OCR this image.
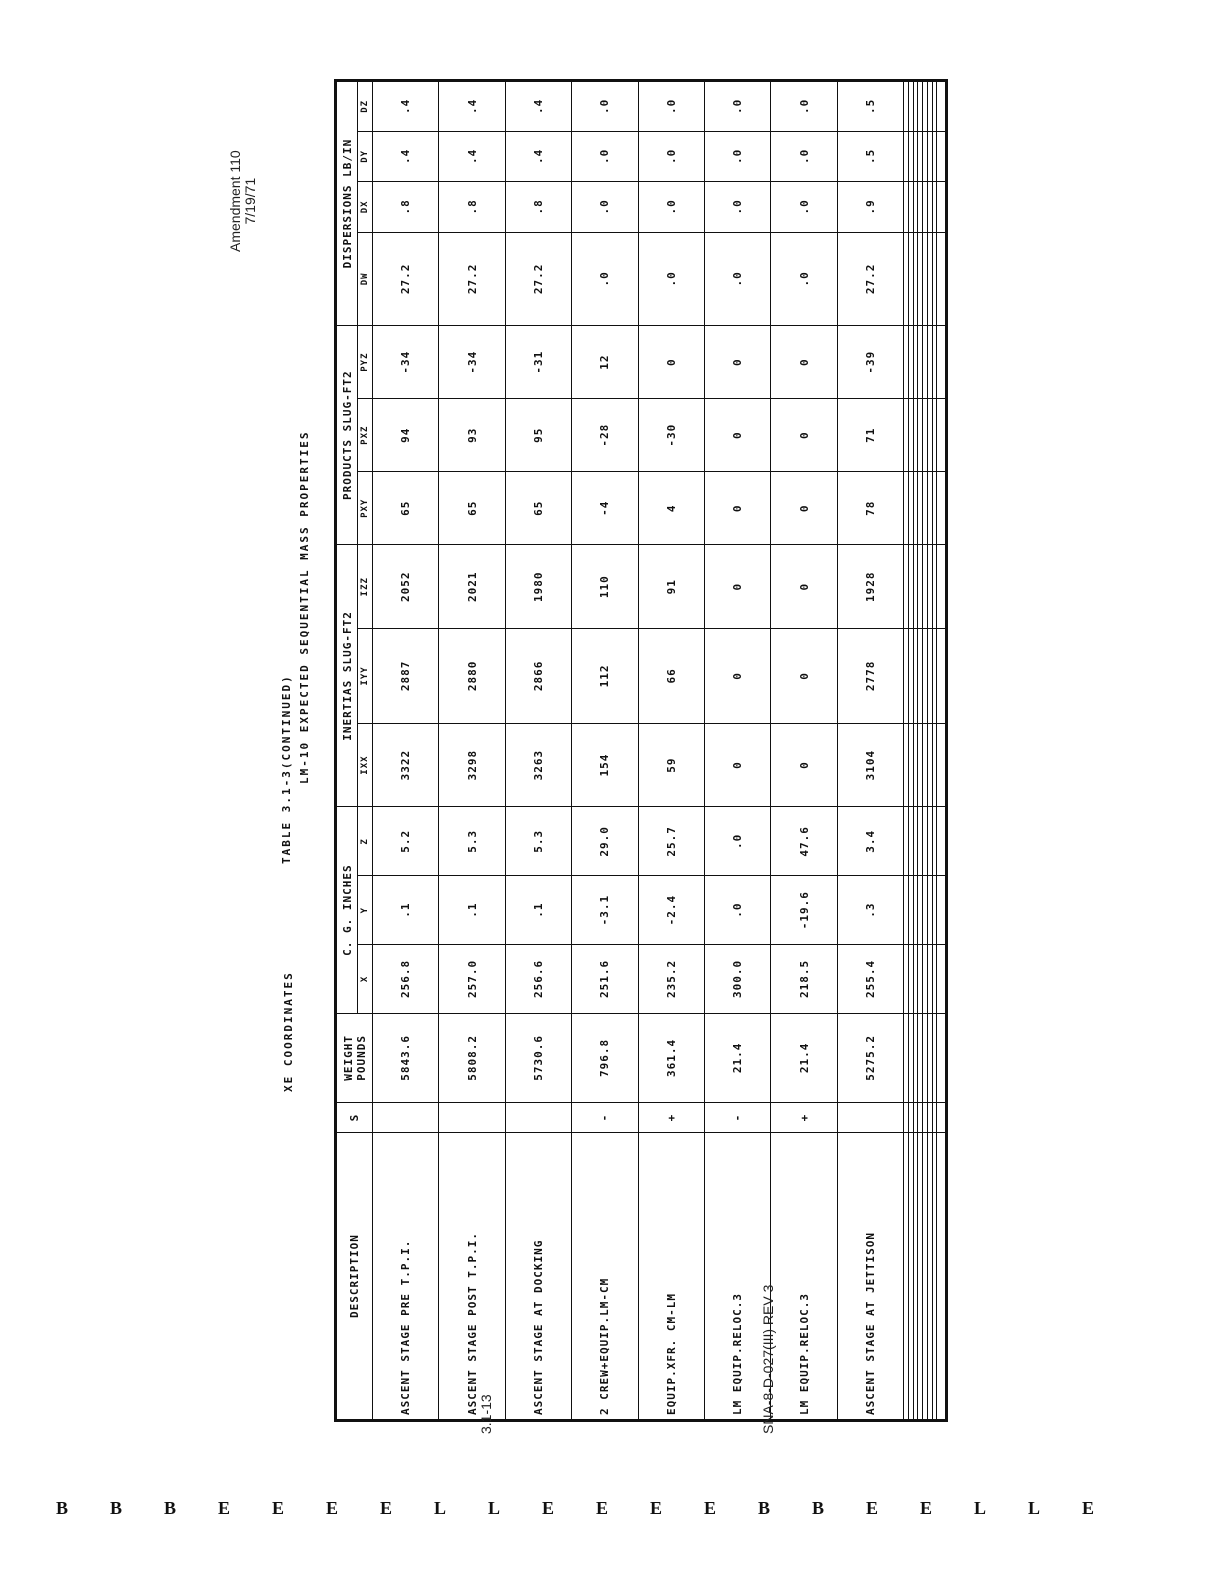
Amendment 110 7/19/71
XE COORDINATES
TABLE 3.1-3(CONTINUED) LM-10 EXPECTED SEQUENTIAL MASS PROPERTIES
DESCRIPTION	S	WEIGHT POUNDS	C. G. INCHES			INERTIAS SLUG-FT2			PRODUCTS SLUG-FT2			DISPERSIONS LB/IN			
			X	Y	Z	IXX	IYY	IZZ	PXY	PXZ	PYZ	DW	DX	DY	DZ
ASCENT STAGE PRE T.P.I.		5843.6	256.8	.1	5.2	3322	2887	2052	65	94	-34	27.2	.8	.4	.4
ASCENT STAGE POST T.P.I.		5808.2	257.0	.1	5.3	3298	2880	2021	65	93	-34	27.2	.8	.4	.4
ASCENT STAGE AT DOCKING		5730.6	256.6	.1	5.3	3263	2866	1980	65	95	-31	27.2	.8	.4	.4
2 CREW+EQUIP.LM-CM	-	796.8	251.6	-3.1	29.0	154	112	110	-4	-28	12	.0	.0	.0	.0
EQUIP.XFR. CM-LM	+	361.4	235.2	-2.4	25.7	59	66	91	4	-30	0	.0	.0	.0	.0
LM EQUIP.RELOC.3	-	21.4	300.0	.0	.0	0	0	0	0	0	0	.0	.0	.0	.0
LM EQUIP.RELOC.3	+	21.4	218.5	-19.6	47.6	0	0	0	0	0	0	.0	.0	.0	.0
ASCENT STAGE AT JETTISON		5275.2	255.4	.3	3.4	3104	2778	1928	78	71	-39	27.2	.9	.5	.5

3.1-13	SNA-8-D-027(III) REV 3
B B B E E E E L L E E E E B B E E L L E
